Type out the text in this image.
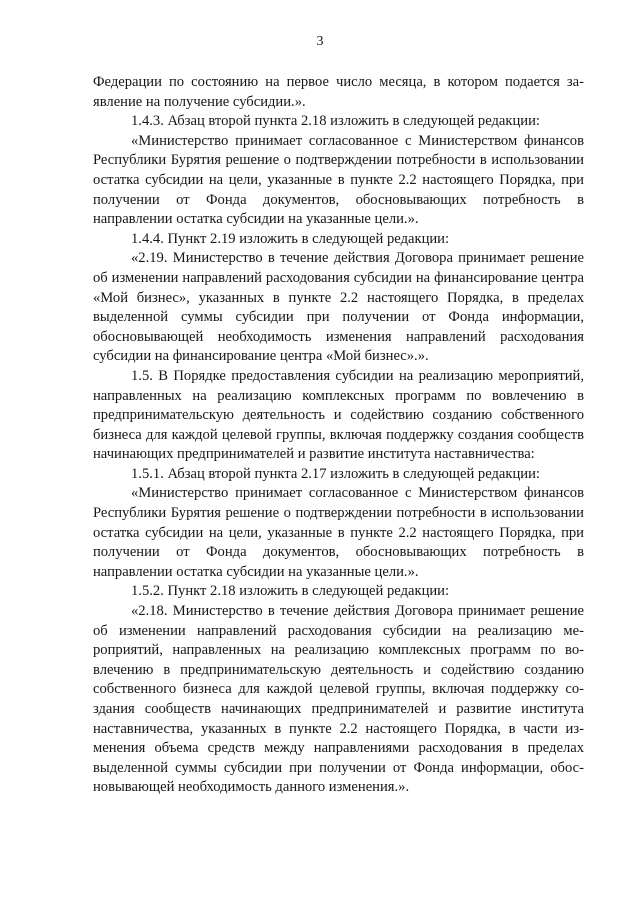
3

Федерации по состоянию на первое число месяца, в котором подается заявление на получение субсидии.».

1.4.3. Абзац второй пункта 2.18 изложить в следующей редакции:

«Министерство принимает согласованное с Министерством финансов Республики Бурятия решение о подтверждении потребности в использовании остатка субсидии на цели, указанные в пункте 2.2 настоящего Порядка, при получении от Фонда документов, обосновывающих потребность в направлении остатка субсидии на указанные цели.».

1.4.4. Пункт 2.19 изложить в следующей редакции:

«2.19. Министерство в течение действия Договора принимает решение об изменении направлений расходования субсидии на финансирование центра «Мой бизнес», указанных в пункте 2.2 настоящего Порядка, в пределах выделенной суммы субсидии при получении от Фонда информации, обосновывающей необходимость изменения направлений расходования субсидии на финансирование центра «Мой бизнес».».

1.5. В Порядке предоставления субсидии на реализацию мероприятий, направленных на реализацию комплексных программ по вовлечению в предпринимательскую деятельность и содействию созданию собственного бизнеса для каждой целевой группы, включая поддержку создания сообществ начинающих предпринимателей и развитие института наставничества:

1.5.1. Абзац второй пункта 2.17 изложить в следующей редакции:

«Министерство принимает согласованное с Министерством финансов Республики Бурятия решение о подтверждении потребности в использовании остатка субсидии на цели, указанные в пункте 2.2 настоящего Порядка, при получении от Фонда документов, обосновывающих потребность в направлении остатка субсидии на указанные цели.».

1.5.2. Пункт 2.18 изложить в следующей редакции:

«2.18. Министерство в течение действия Договора принимает решение об изменении направлений расходования субсидии на реализацию мероприятий, направленных на реализацию комплексных программ по вовлечению в предпринимательскую деятельность и содействию созданию собственного бизнеса для каждой целевой группы, включая поддержку создания сообществ начинающих предпринимателей и развитие института наставничества, указанных в пункте 2.2 настоящего Порядка, в части изменения объема средств между направлениями расходования в пределах выделенной суммы субсидии при получении от Фонда информации, обосновывающей необходимость данного изменения.».
